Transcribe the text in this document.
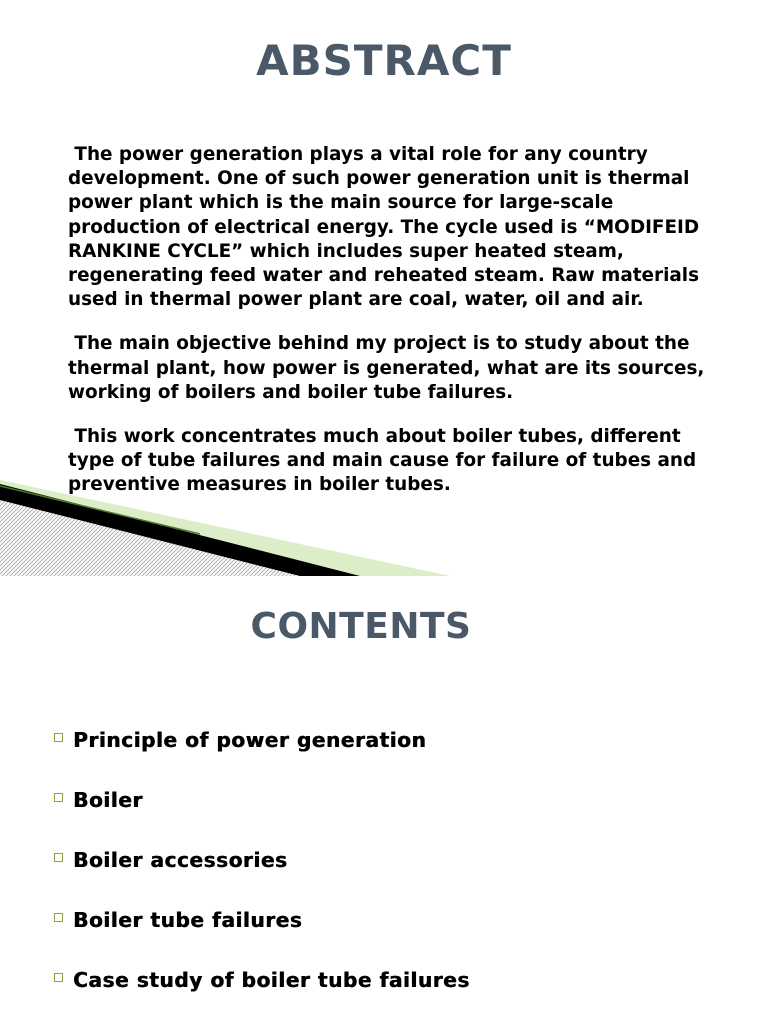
ABSTRACT

The power generation plays a vital role for any country development. One of such power generation unit is thermal power plant which is the main source for large-scale production of electrical energy. The cycle used is “MODIFEID RANKINE CYCLE” which includes super heated steam, regenerating feed water and reheated steam. Raw materials used in thermal power plant are coal, water, oil and air.

The main objective behind my project is to study about the thermal plant, how power is generated, what are its sources, working of boilers and boiler tube failures.

This work concentrates much about boiler tubes, different type of tube failures and main cause for failure of tubes and preventive measures in boiler tubes.

CONTENTS
Principle of power generation
Boiler
Boiler accessories
Boiler tube failures
Case study of boiler tube failures
